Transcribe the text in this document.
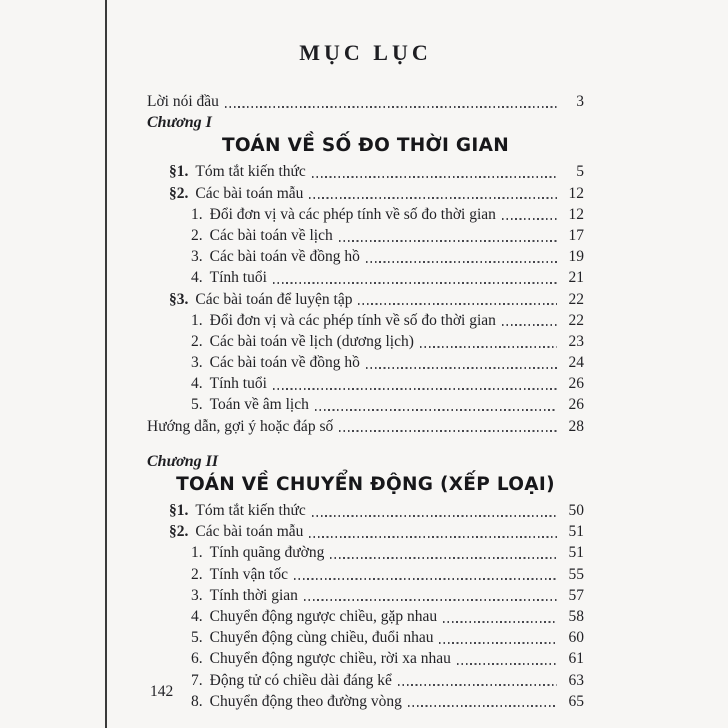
MỤC LỤC
Lời nói đầu	3
Chương I
TOÁN VỀ SỐ ĐO THỜI GIAN
§1. Tóm tắt kiến thức	5
§2. Các bài toán mẫu	12
1. Đổi đơn vị và các phép tính về số đo thời gian	12
2. Các bài toán về lịch	17
3. Các bài toán về đồng hồ	19
4. Tính tuổi	21
§3. Các bài toán để luyện tập	22
1. Đổi đơn vị và các phép tính về số đo thời gian	22
2. Các bài toán về lịch (dương lịch)	23
3. Các bài toán về đồng hồ	24
4. Tính tuổi	26
5. Toán về âm lịch	26
Hướng dẫn, gợi ý hoặc đáp số	28
Chương II
TOÁN VỀ CHUYỂN ĐỘNG (XẾP LOẠI)
§1. Tóm tắt kiến thức	50
§2. Các bài toán mẫu	51
1. Tính quãng đường	51
2. Tính vận tốc	55
3. Tính thời gian	57
4. Chuyển động ngược chiều, gặp nhau	58
5. Chuyển động cùng chiều, đuổi nhau	60
6. Chuyển động ngược chiều, rời xa nhau	61
7. Động tử có chiều dài đáng kể	63
8. Chuyển động theo đường vòng	65
142
